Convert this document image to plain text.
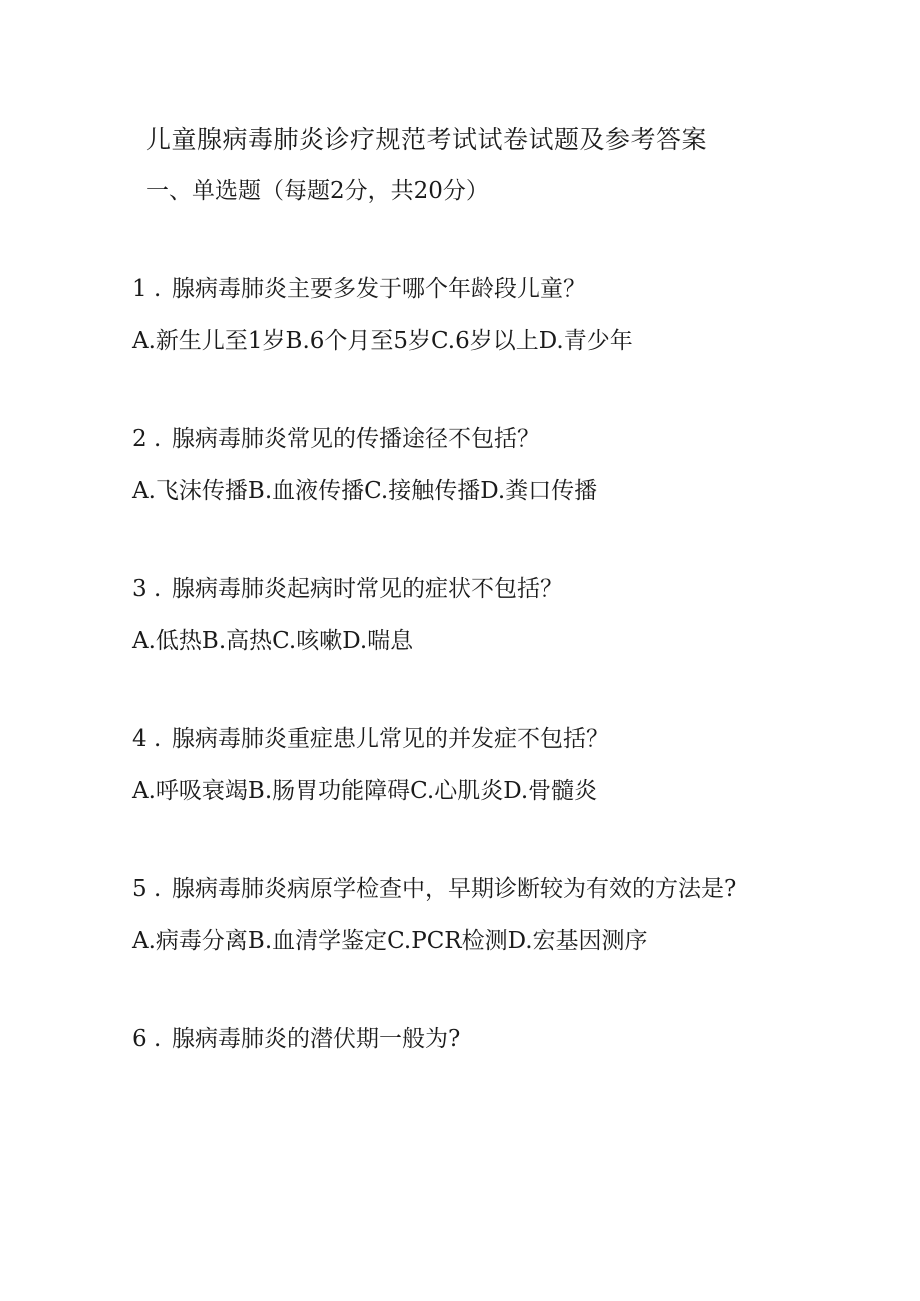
儿童腺病毒肺炎诊疗规范考试试卷试题及参考答案
一、单选题（每题2分，共20分）

1 . 腺病毒肺炎主要多发于哪个年龄段儿童？

A.新生儿至1岁B.6个月至5岁C.6岁以上D.青少年

2 . 腺病毒肺炎常见的传播途径不包括？

A.飞沫传播B.血液传播C.接触传播D.粪口传播

3 . 腺病毒肺炎起病时常见的症状不包括？

A.低热B.高热C.咳嗽D.喘息

4 . 腺病毒肺炎重症患儿常见的并发症不包括？

A.呼吸衰竭B.肠胃功能障碍C.心肌炎D.骨髓炎

5 . 腺病毒肺炎病原学检查中，早期诊断较为有效的方法是?

A.病毒分离B.血清学鉴定C.PCR检测D.宏基因测序

6 . 腺病毒肺炎的潜伏期一般为?
